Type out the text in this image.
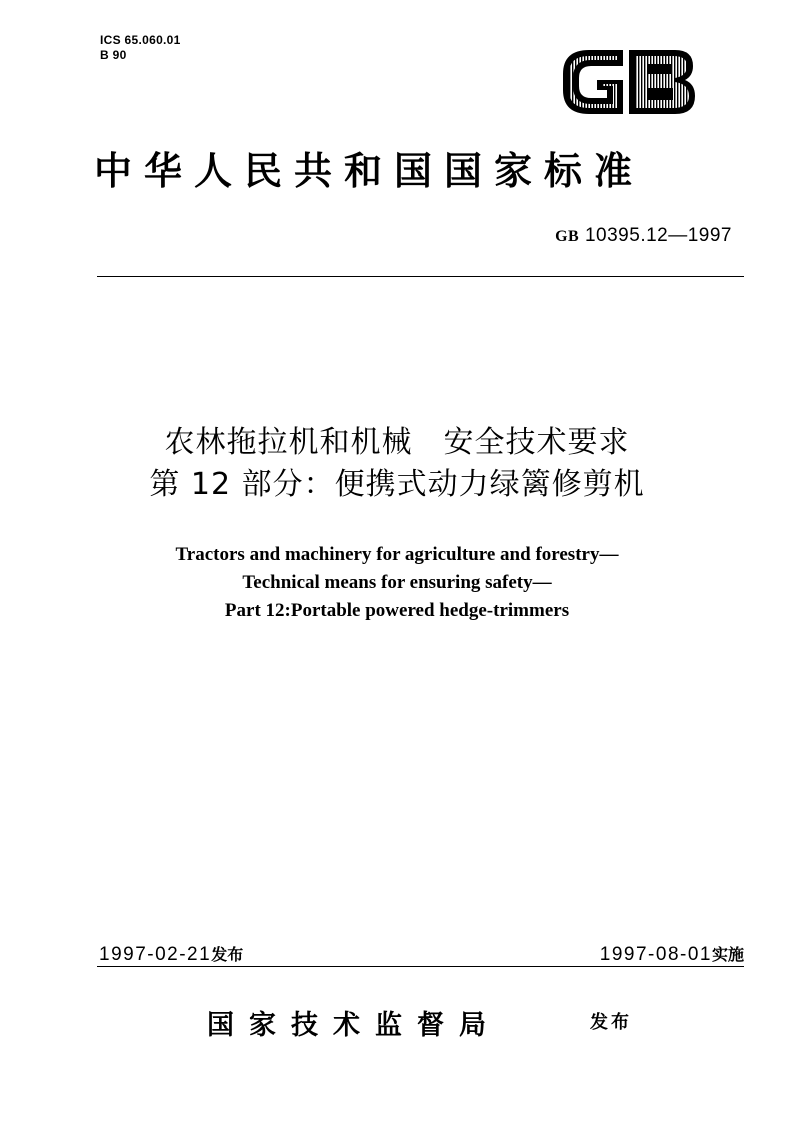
ICS 65.060.01
B 90
中华人民共和国国家标准
GB 10395.12—1997
农林拖拉机和机械　安全技术要求
第 12 部分：便携式动力绿篱修剪机
Tractors and machinery for agriculture and forestry—
Technical means for ensuring safety—
Part 12:Portable powered hedge-trimmers
1997-02-21发布	1997-08-01实施
国家技术监督局	发布
